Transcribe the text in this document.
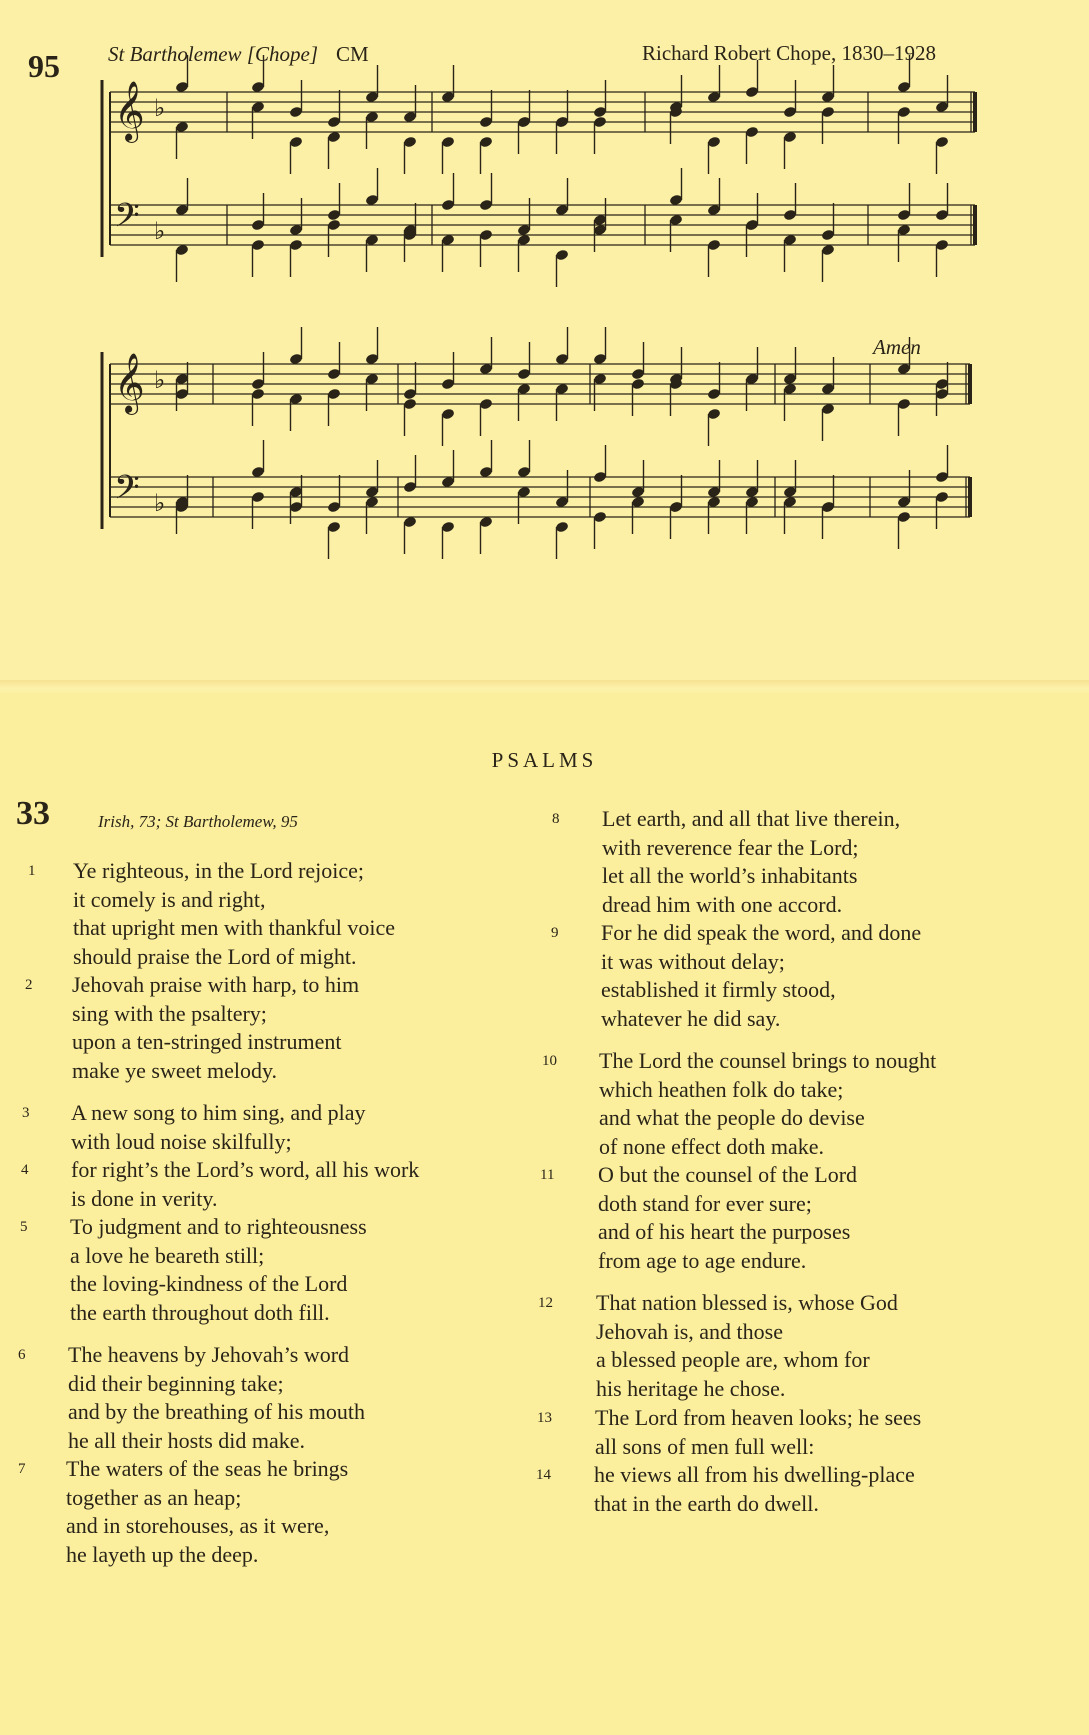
95 St Bartholemew [Chope] CM	Richard Robert Chope, 1830–1928
Amen
𝄞 ♭
𝄢 ♭
𝄞 ♭
𝄢 ♭
PSALMS
33	Irish, 73; St Bartholemew, 95
1 Ye righteous, in the Lord rejoice;
it comely is and right,
that upright men with thankful voice
should praise the Lord of might.
2 Jehovah praise with harp, to him
sing with the psaltery;
upon a ten-stringed instrument
make ye sweet melody.
3 A new song to him sing, and play
with loud noise skilfully;
4 for right’s the Lord’s word, all his work
is done in verity.
5 To judgment and to righteousness
a love he beareth still;
the loving-kindness of the Lord
the earth throughout doth fill.
6 The heavens by Jehovah’s word
did their beginning take;
and by the breathing of his mouth
he all their hosts did make.
7 The waters of the seas he brings
together as an heap;
and in storehouses, as it were,
he layeth up the deep.
8 Let earth, and all that live therein,
with reverence fear the Lord;
let all the world’s inhabitants
dread him with one accord.
9 For he did speak the word, and done
it was without delay;
established it firmly stood,
whatever he did say.
10 The Lord the counsel brings to nought
which heathen folk do take;
and what the people do devise
of none effect doth make.
11 O but the counsel of the Lord
doth stand for ever sure;
and of his heart the purposes
from age to age endure.
12 That nation blessed is, whose God
Jehovah is, and those
a blessed people are, whom for
his heritage he chose.
13 The Lord from heaven looks; he sees
all sons of men full well:
14 he views all from his dwelling-place
that in the earth do dwell.
